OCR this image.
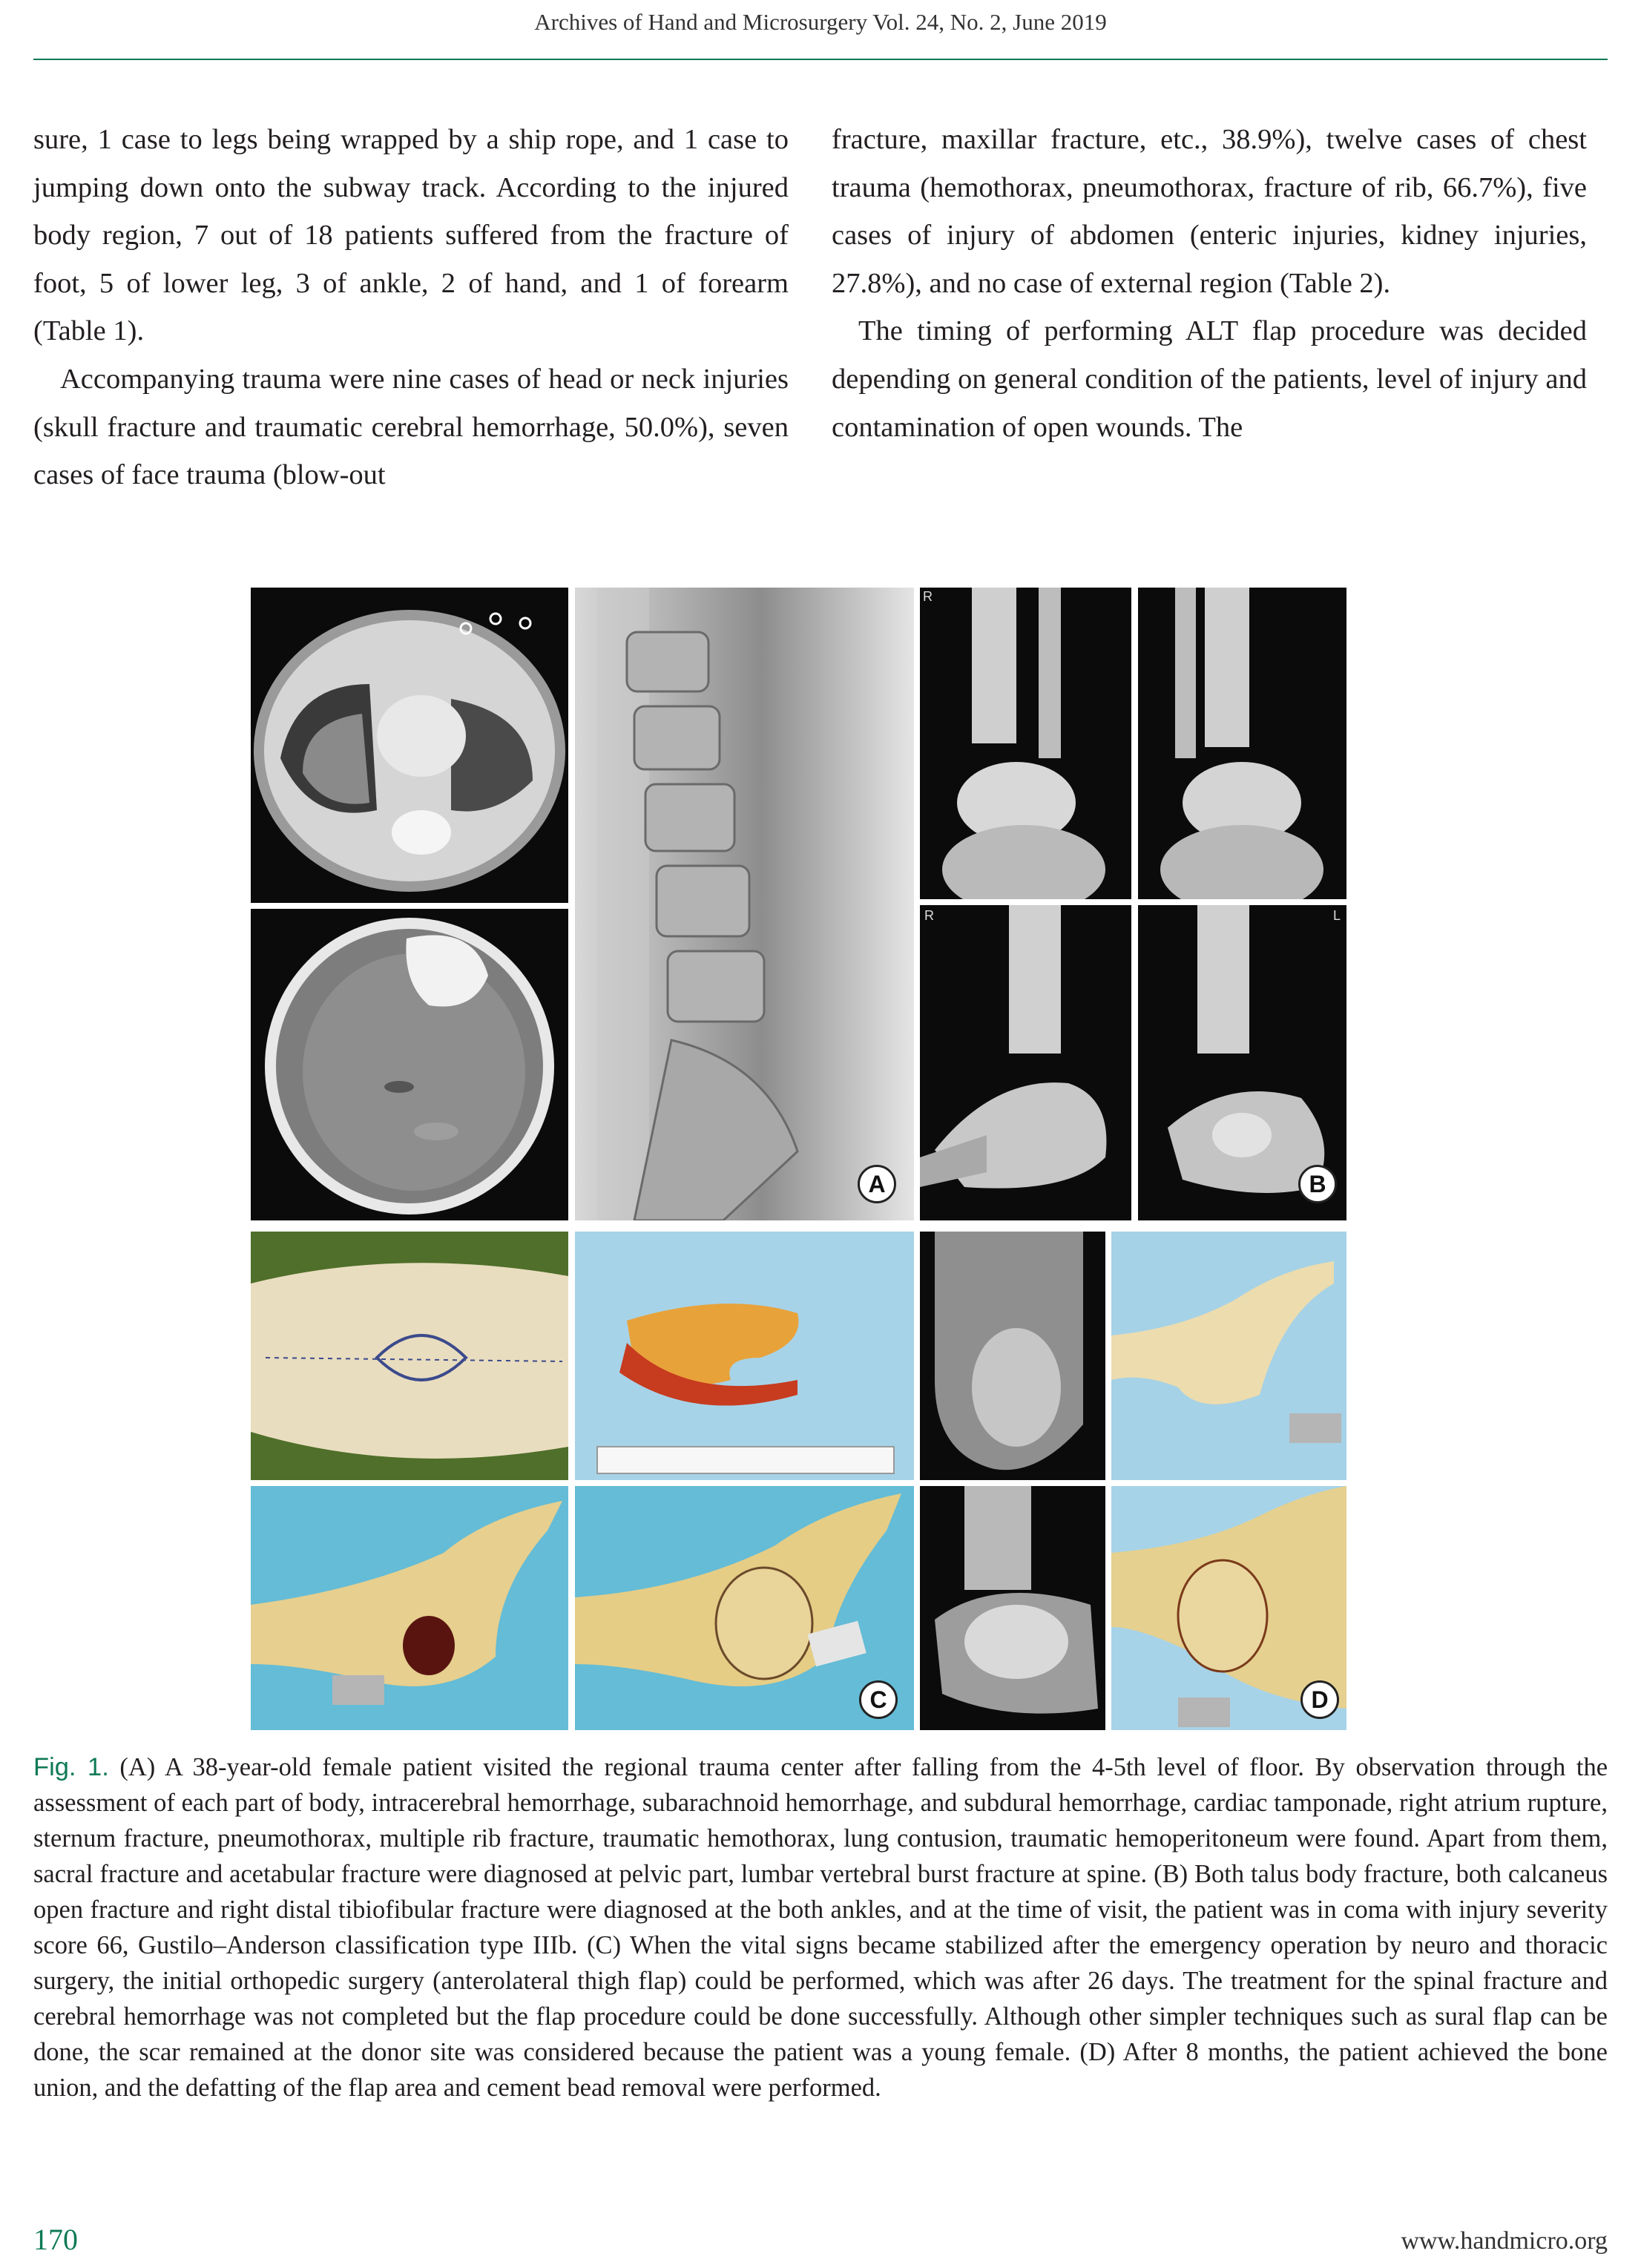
Archives of Hand and Microsurgery Vol. 24, No. 2, June 2019

sure, 1 case to legs being wrapped by a ship rope, and 1 case to jumping down onto the subway track. According to the injured body region, 7 out of 18 patients suffered from the fracture of foot, 5 of lower leg, 3 of ankle, 2 of hand, and 1 of forearm (Table 1).

Accompanying trauma were nine cases of head or neck injuries (skull fracture and traumatic cerebral hemorrhage, 50.0%), seven cases of face trauma (blow-out

fracture, maxillar fracture, etc., 38.9%), twelve cases of chest trauma (hemothorax, pneumothorax, fracture of rib, 66.7%), five cases of injury of abdomen (enteric injuries, kidney injuries, 27.8%), and no case of external region (Table 2).

The timing of performing ALT flap procedure was decided depending on general condition of the patients, level of injury and contamination of open wounds. The

A
R	L
B
R
C	D
Fig. 1. (A) A 38-year-old female patient visited the regional trauma center after falling from the 4-5th level of floor. By observation through the assessment of each part of body, intracerebral hemorrhage, subarachnoid hemorrhage, and subdural hemorrhage, cardiac tamponade, right atrium rupture, sternum fracture, pneumothorax, multiple rib fracture, traumatic hemothorax, lung contusion, traumatic hemoperitoneum were found. Apart from them, sacral fracture and acetabular fracture were diagnosed at pelvic part, lumbar vertebral burst fracture at spine. (B) Both talus body fracture, both calcaneus open fracture and right distal tibiofibular fracture were diagnosed at the both ankles, and at the time of visit, the patient was in coma with injury severity score 66, Gustilo–Anderson classification type IIIb. (C) When the vital signs became stabilized after the emergency operation by neuro and thoracic surgery, the initial orthopedic surgery (anterolateral thigh flap) could be performed, which was after 26 days. The treatment for the spinal fracture and cerebral hemorrhage was not completed but the flap procedure could be done successfully. Although other simpler techniques such as sural flap can be done, the scar remained at the donor site was considered because the patient was a young female. (D) After 8 months, the patient achieved the bone union, and the defatting of the flap area and cement bead removal were performed.
170	www.handmicro.org
